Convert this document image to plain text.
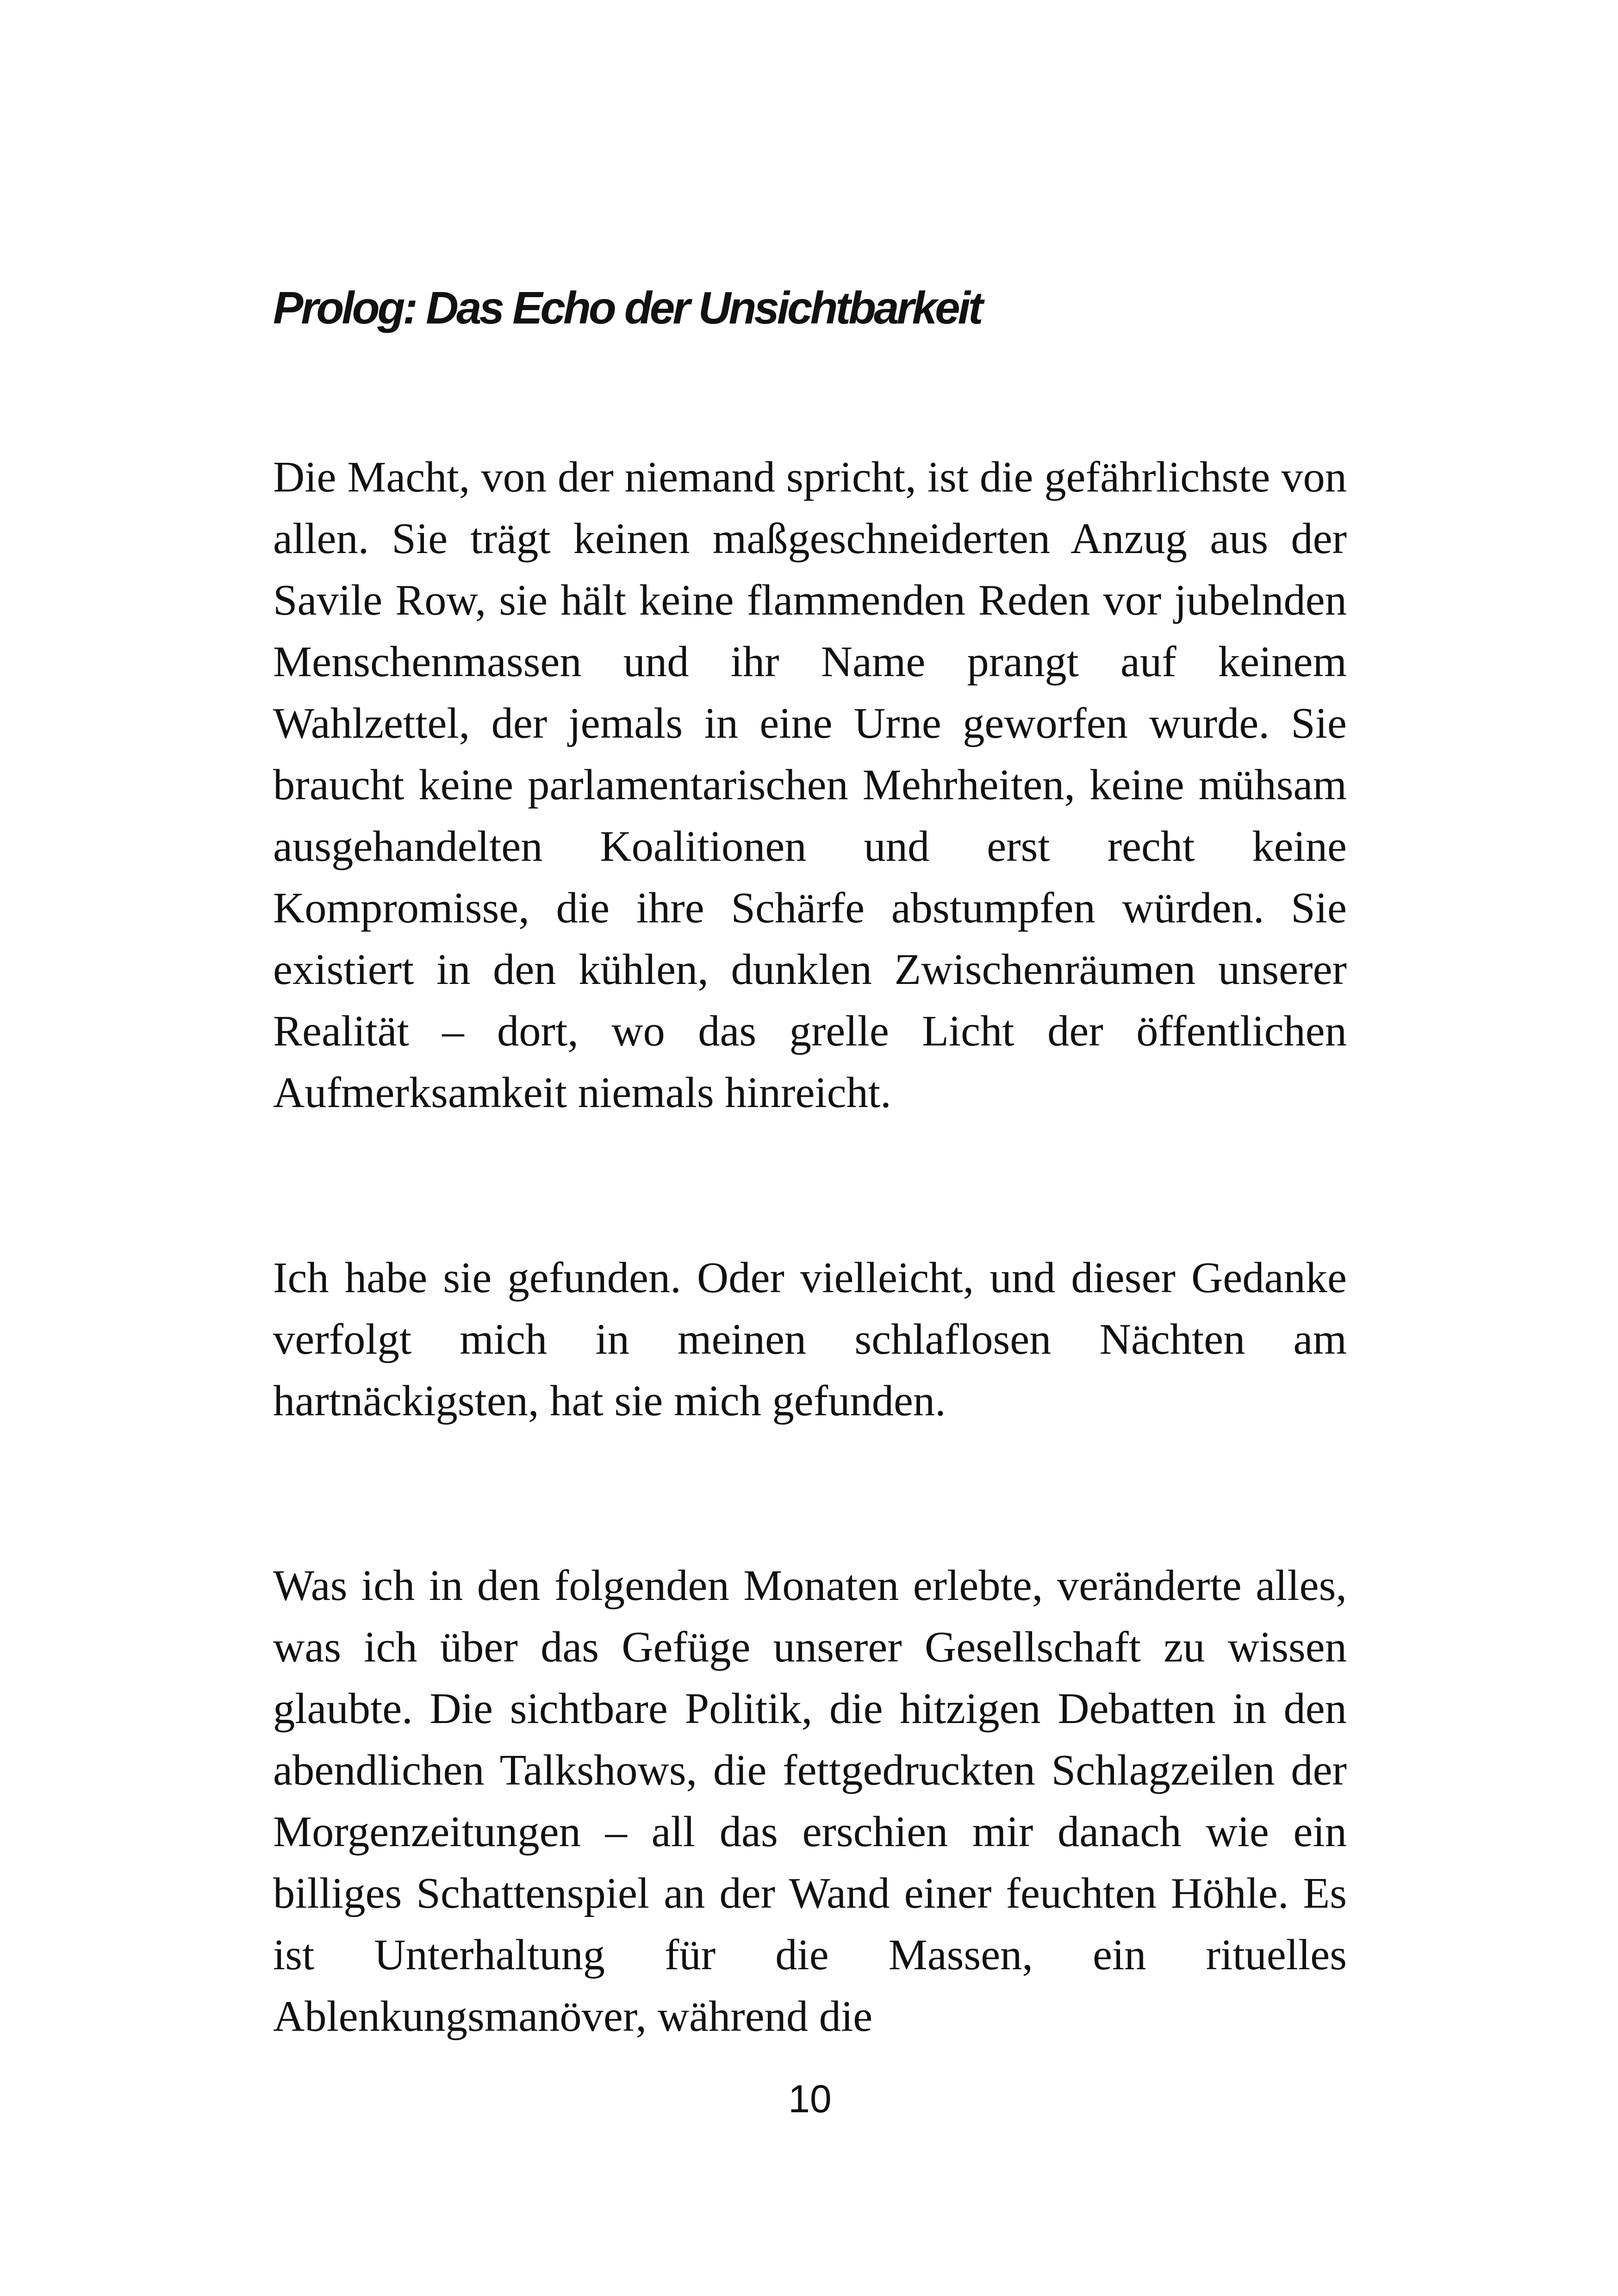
Prolog: Das Echo der Unsichtbarkeit

Die Macht, von der niemand spricht, ist die gefährlichste von allen. Sie trägt keinen maßgeschneiderten Anzug aus der Savile Row, sie hält keine flammenden Reden vor jubelnden Menschenmassen und ihr Name prangt auf keinem Wahlzettel, der jemals in eine Urne geworfen wurde. Sie braucht keine parlamentarischen Mehrheiten, keine mühsam ausgehandelten Koalitionen und erst recht keine Kompromisse, die ihre Schärfe abstumpfen würden. Sie existiert in den kühlen, dunklen Zwischenräumen unserer Realität – dort, wo das grelle Licht der öffentlichen Aufmerksamkeit niemals hinreicht.

Ich habe sie gefunden. Oder vielleicht, und dieser Gedanke verfolgt mich in meinen schlaflosen Nächten am hartnäckigsten, hat sie mich gefunden.

Was ich in den folgenden Monaten erlebte, veränderte alles, was ich über das Gefüge unserer Gesellschaft zu wissen glaubte. Die sichtbare Politik, die hitzigen Debatten in den abendlichen Talkshows, die fettgedruckten Schlagzeilen der Morgenzeitungen – all das erschien mir danach wie ein billiges Schattenspiel an der Wand einer feuchten Höhle. Es ist Unterhaltung für die Massen, ein rituelles Ablenkungsmanöver, während die

10
